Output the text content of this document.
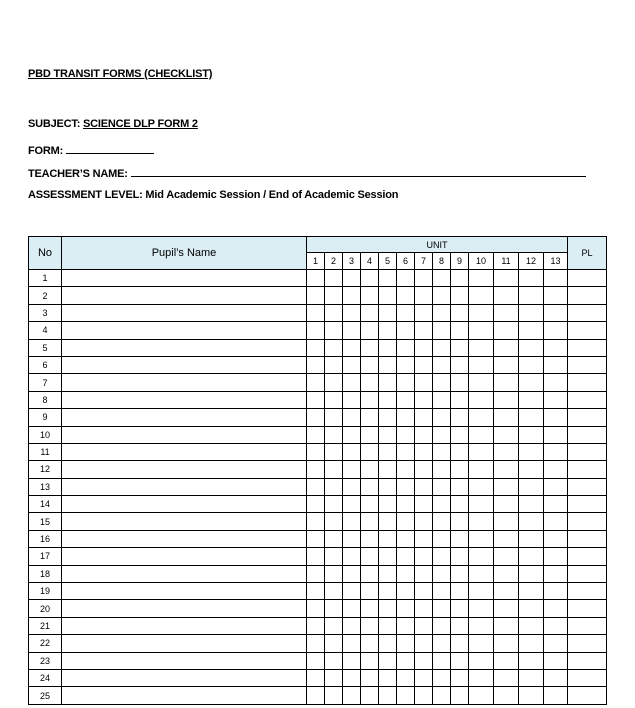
PBD TRANSIT FORMS (CHECKLIST)
SUBJECT: SCIENCE DLP FORM 2
FORM:
TEACHER’S NAME:
ASSESSMENT LEVEL: Mid Academic Session / End of Academic Session
No	Pupil’s Name	UNIT													PL
		1	2	3	4	5	6	7	8	9	10	11	12	13	
1															
2															
3															
4															
5															
6															
7															
8															
9															
10															
11															
12															
13															
14															
15															
16															
17															
18															
19															
20															
21															
22															
23															
24															
25															
